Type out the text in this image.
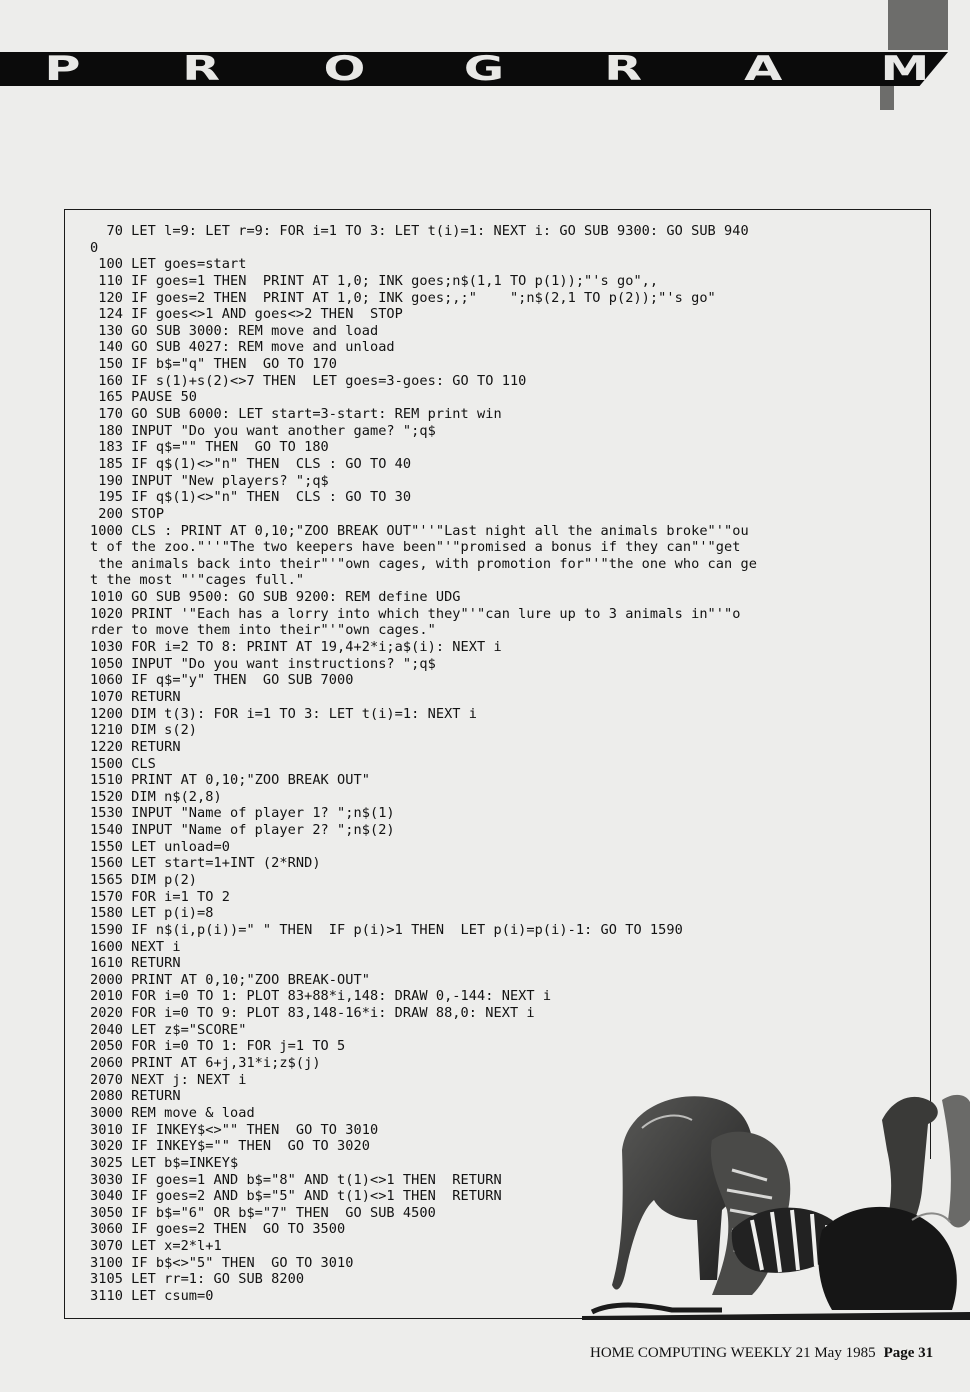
P	R	O	G	R	A	M
70 LET l=9: LET r=9: FOR i=1 TO 3: LET t(i)=1: NEXT i: GO SUB 9300: GO SUB 940
0
100 LET goes=start
110 IF goes=1 THEN  PRINT AT 1,0; INK goes;n$(1,1 TO p(1));"'s go",,
120 IF goes=2 THEN  PRINT AT 1,0; INK goes;,;"    ";n$(2,1 TO p(2));"'s go"
124 IF goes<>1 AND goes<>2 THEN  STOP
130 GO SUB 3000: REM move and load
140 GO SUB 4027: REM move and unload
150 IF b$="q" THEN  GO TO 170
160 IF s(1)+s(2)<>7 THEN  LET goes=3-goes: GO TO 110
165 PAUSE 50
170 GO SUB 6000: LET start=3-start: REM print win
180 INPUT "Do you want another game? ";q$
183 IF q$="" THEN  GO TO 180
185 IF q$(1)<>"n" THEN  CLS : GO TO 40
190 INPUT "New players? ";q$
195 IF q$(1)<>"n" THEN  CLS : GO TO 30
200 STOP
1000 CLS : PRINT AT 0,10;"ZOO BREAK OUT"''"Last night all the animals broke"'"ou
t of the zoo."''"The two keepers have been"'"promised a bonus if they can"'"get
the animals back into their"'"own cages, with promotion for"'"the one who can ge
t the most "'"cages full."
1010 GO SUB 9500: GO SUB 9200: REM define UDG
1020 PRINT '"Each has a lorry into which they"'"can lure up to 3 animals in"'"o
rder to move them into their"'"own cages."
1030 FOR i=2 TO 8: PRINT AT 19,4+2*i;a$(i): NEXT i
1050 INPUT "Do you want instructions? ";q$
1060 IF q$="y" THEN  GO SUB 7000
1070 RETURN
1200 DIM t(3): FOR i=1 TO 3: LET t(i)=1: NEXT i
1210 DIM s(2)
1220 RETURN
1500 CLS
1510 PRINT AT 0,10;"ZOO BREAK OUT"
1520 DIM n$(2,8)
1530 INPUT "Name of player 1? ";n$(1)
1540 INPUT "Name of player 2? ";n$(2)
1550 LET unload=0
1560 LET start=1+INT (2*RND)
1565 DIM p(2)
1570 FOR i=1 TO 2
1580 LET p(i)=8
1590 IF n$(i,p(i))=" " THEN  IF p(i)>1 THEN  LET p(i)=p(i)-1: GO TO 1590
1600 NEXT i
1610 RETURN
2000 PRINT AT 0,10;"ZOO BREAK-OUT"
2010 FOR i=0 TO 1: PLOT 83+88*i,148: DRAW 0,-144: NEXT i
2020 FOR i=0 TO 9: PLOT 83,148-16*i: DRAW 88,0: NEXT i
2040 LET z$="SCORE"
2050 FOR i=0 TO 1: FOR j=1 TO 5
2060 PRINT AT 6+j,31*i;z$(j)
2070 NEXT j: NEXT i
2080 RETURN
3000 REM move & load
3010 IF INKEY$<>"" THEN  GO TO 3010
3020 IF INKEY$="" THEN  GO TO 3020
3025 LET b$=INKEY$
3030 IF goes=1 AND b$="8" AND t(1)<>1 THEN  RETURN
3040 IF goes=2 AND b$="5" AND t(1)<>1 THEN  RETURN
3050 IF b$="6" OR b$="7" THEN  GO SUB 4500
3060 IF goes=2 THEN  GO TO 3500
3070 LET x=2*l+1
3100 IF b$<>"5" THEN  GO TO 3010
3105 LET rr=1: GO SUB 8200
3110 LET csum=0
HOME COMPUTING WEEKLY 21 May 1985 Page 31
